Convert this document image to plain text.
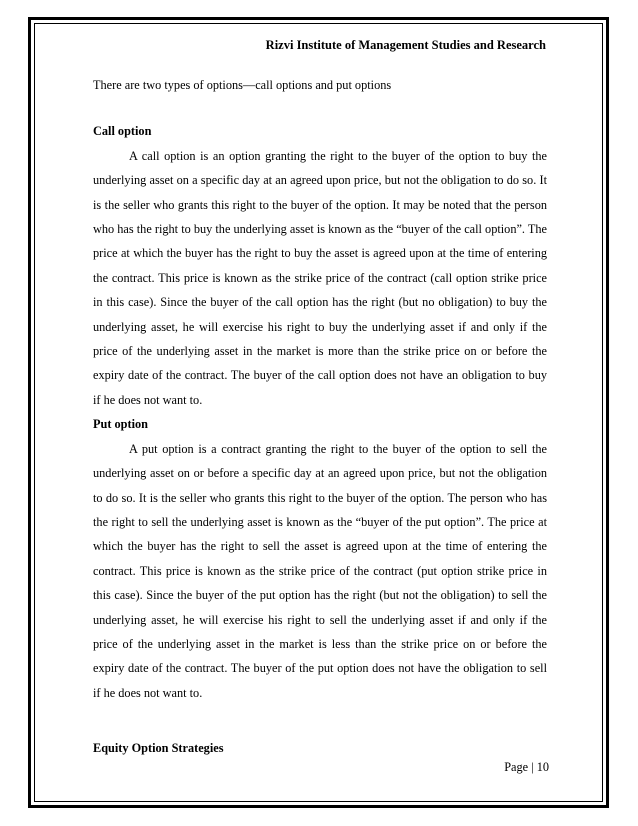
Rizvi Institute of Management Studies and Research

There are two types of options—call options and put options

Call option

A call option is an option granting the right to the buyer of the option to buy the underlying asset on a specific day at an agreed upon price, but not the obligation to do so. It is the seller who grants this right to the buyer of the option. It may be noted that the person who has the right to buy the underlying asset is known as the “buyer of the call option”. The price at which the buyer has the right to buy the asset is agreed upon at the time of entering the contract. This price is known as the strike price of the contract (call option strike price in this case). Since the buyer of the call option has the right (but no obligation) to buy the underlying asset, he will exercise his right to buy the underlying asset if and only if the price of the underlying asset in the market is more than the strike price on or before the expiry date of the contract. The buyer of the call option does not have an obligation to buy if he does not want to.

Put option

A put option is a contract granting the right to the buyer of the option to sell the underlying asset on or before a specific day at an agreed upon price, but not the obligation to do so. It is the seller who grants this right to the buyer of the option. The person who has the right to sell the underlying asset is known as the “buyer of the put option”. The price at which the buyer has the right to sell the asset is agreed upon at the time of entering the contract. This price is known as the strike price of the contract (put option strike price in this case). Since the buyer of the put option has the right (but not the obligation) to sell the underlying asset, he will exercise his right to sell the underlying asset if and only if the price of the underlying asset in the market is less than the strike price on or before the expiry date of the contract. The buyer of the put option does not have the obligation to sell if he does not want to.

Equity Option Strategies
Page | 10
